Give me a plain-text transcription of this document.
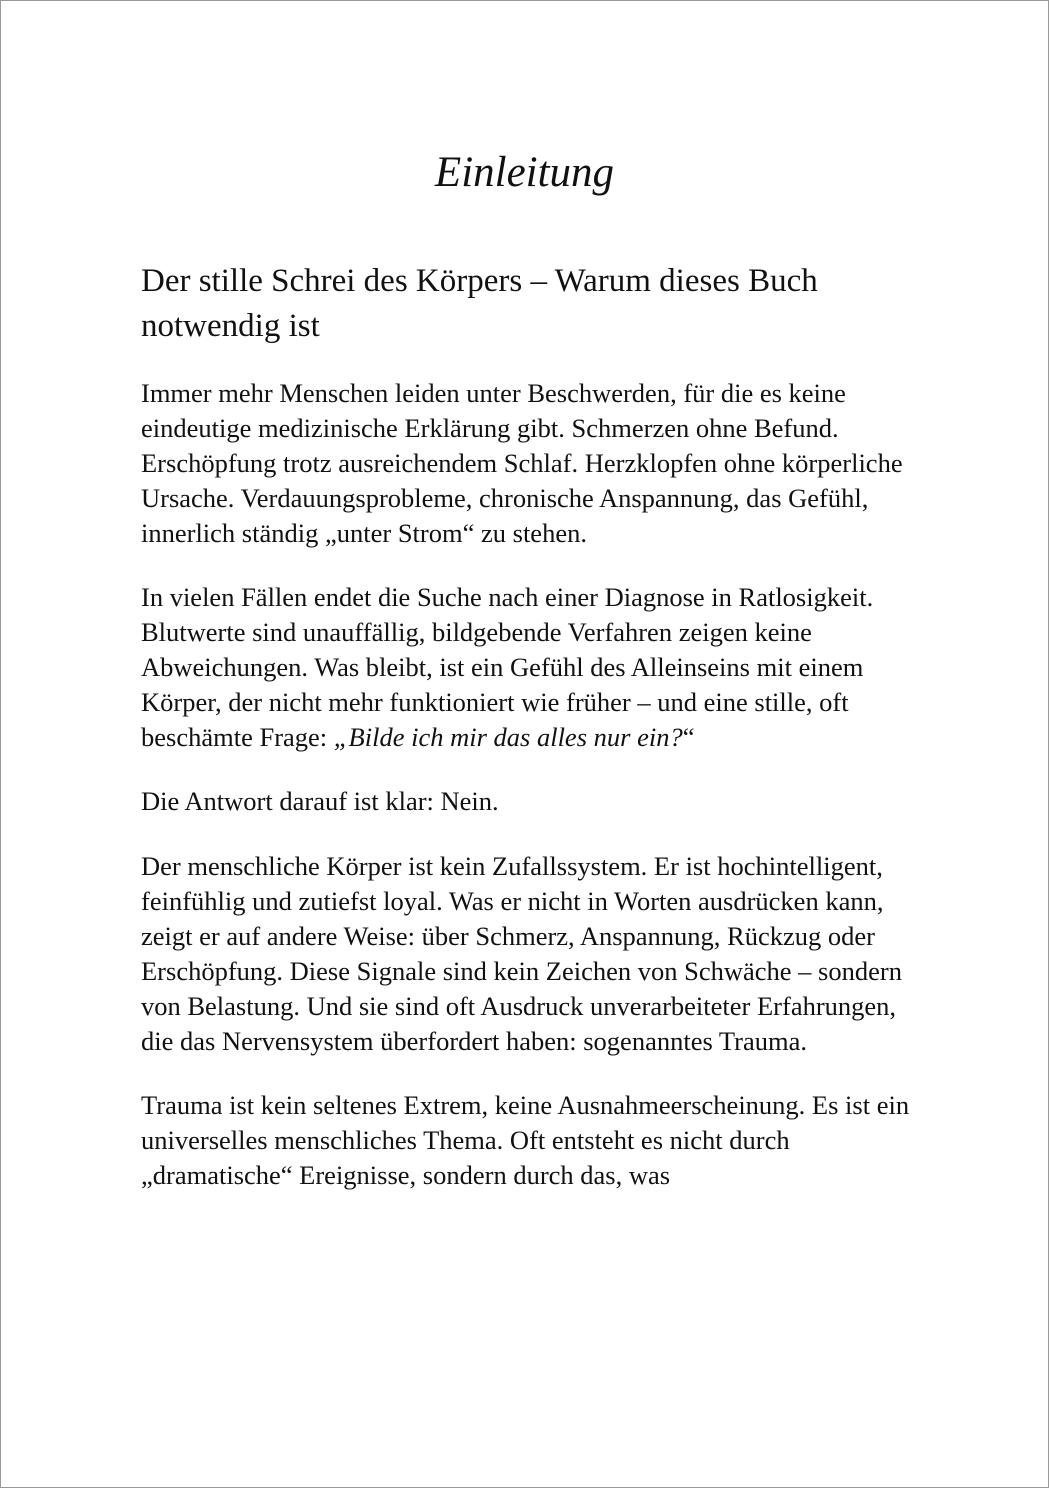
Einleitung
Der stille Schrei des Körpers – Warum dieses Buch notwendig ist

Immer mehr Menschen leiden unter Beschwerden, für die es keine eindeutige medizinische Erklärung gibt. Schmerzen ohne Befund. Erschöpfung trotz ausreichendem Schlaf. Herzklopfen ohne körperliche Ursache. Verdauungsprobleme, chronische Anspannung, das Gefühl, innerlich ständig „unter Strom“ zu stehen.

In vielen Fällen endet die Suche nach einer Diagnose in Ratlosigkeit. Blutwerte sind unauffällig, bildgebende Verfahren zeigen keine Abweichungen. Was bleibt, ist ein Gefühl des Alleinseins mit einem Körper, der nicht mehr funktioniert wie früher – und eine stille, oft beschämte Frage: „Bilde ich mir das alles nur ein?“

Die Antwort darauf ist klar: Nein.

Der menschliche Körper ist kein Zufallssystem. Er ist hochintelligent, feinfühlig und zutiefst loyal. Was er nicht in Worten ausdrücken kann, zeigt er auf andere Weise: über Schmerz, Anspannung, Rückzug oder Erschöpfung. Diese Signale sind kein Zeichen von Schwäche – sondern von Belastung. Und sie sind oft Ausdruck unverarbeiteter Erfahrungen, die das Nervensystem überfordert haben: sogenanntes Trauma.

Trauma ist kein seltenes Extrem, keine Ausnahmeerscheinung. Es ist ein universelles menschliches Thema. Oft entsteht es nicht durch „dramatische“ Ereignisse, sondern durch das, was
